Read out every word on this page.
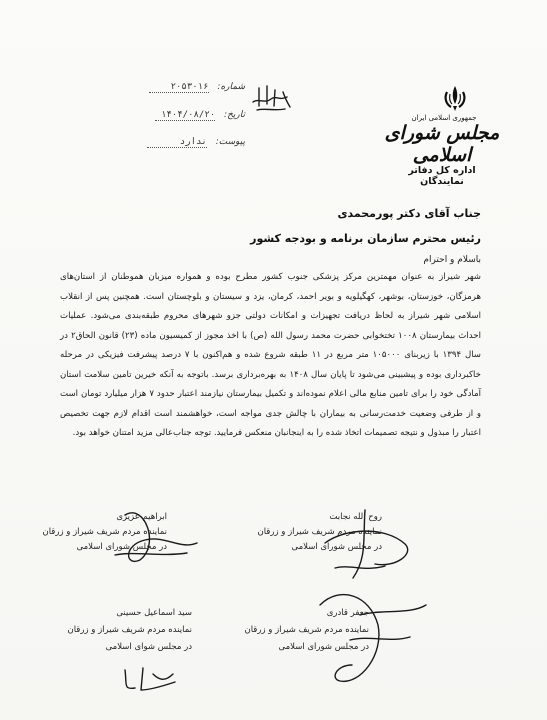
شماره: ۲۰۵۳۰۱۶
تاریخ: ۱۴۰۴/۰۸/۲۰
پیوست: ندارد
جمهوری اسلامی ایران
مجلس شورای اسلامی
اداره کل دفاتر نمایندگان
جناب آقای دکتر پورمحمدی
رئیس محترم سازمان برنامه و بودجه کشور
باسلام و احترام
شهر شیراز به عنوان مهمترین مرکز پزشکی جنوب کشور مطرح بوده و همواره میزبان هموطنان از استان‌های هرمزگان، خوزستان، بوشهر، کهگیلویه و بویر احمد، کرمان، یزد و سیستان و بلوچستان است. همچنین پس از انقلاب اسلامی شهر شیراز به لحاظ دریافت تجهیزات و امکانات دولتی جزو شهرهای محروم طبقه‌بندی می‌شود. عملیات احداث بیمارستان ۱۰۰۸ تختخوابی حضرت محمد رسول الله (ص) با اخذ مجوز از کمیسیون ماده (۲۳) قانون الحاق۲ در سال ۱۳۹۴ با زیربنای ۱۰۵۰۰۰ متر مربع در ۱۱ طبقه شروع شده و هم‌اکنون با ۷ درصد پیشرفت فیزیکی در مرحله خاکبرداری بوده و پیشبینی می‌شود تا پایان سال ۱۴۰۸ به بهره‌برداری برسد. باتوجه به آنکه خیرین تامین سلامت استان آمادگی خود را برای تامین منابع مالی اعلام نموده‌اند و تکمیل بیمارستان نیازمند اعتبار حدود ۷ هزار میلیارد تومان است و از طرفی وضعیت خدمت‌رسانی به بیماران با چالش جدی مواجه است، خواهشمند است اقدام لازم جهت تخصیص اعتبار را مبذول و نتیجه تصمیمات اتخاذ شده را به اینجانبان منعکس فرمایید. توجه جناب‌عالی مزید امتنان خواهد بود.
ابراهیم عزیزی
نماینده مردم شریف شیراز و زرقان
در مجلس شورای اسلامی
روح الله نجابت
نماینده مردم شریف شیراز و زرقان
در مجلس شورای اسلامی
سید اسماعیل حسینی
نماینده مردم شریف شیراز و زرقان
در مجلس شوای اسلامی
جعفر قادری
نماینده مردم شریف شیراز و زرقان
در مجلس شورای اسلامی
